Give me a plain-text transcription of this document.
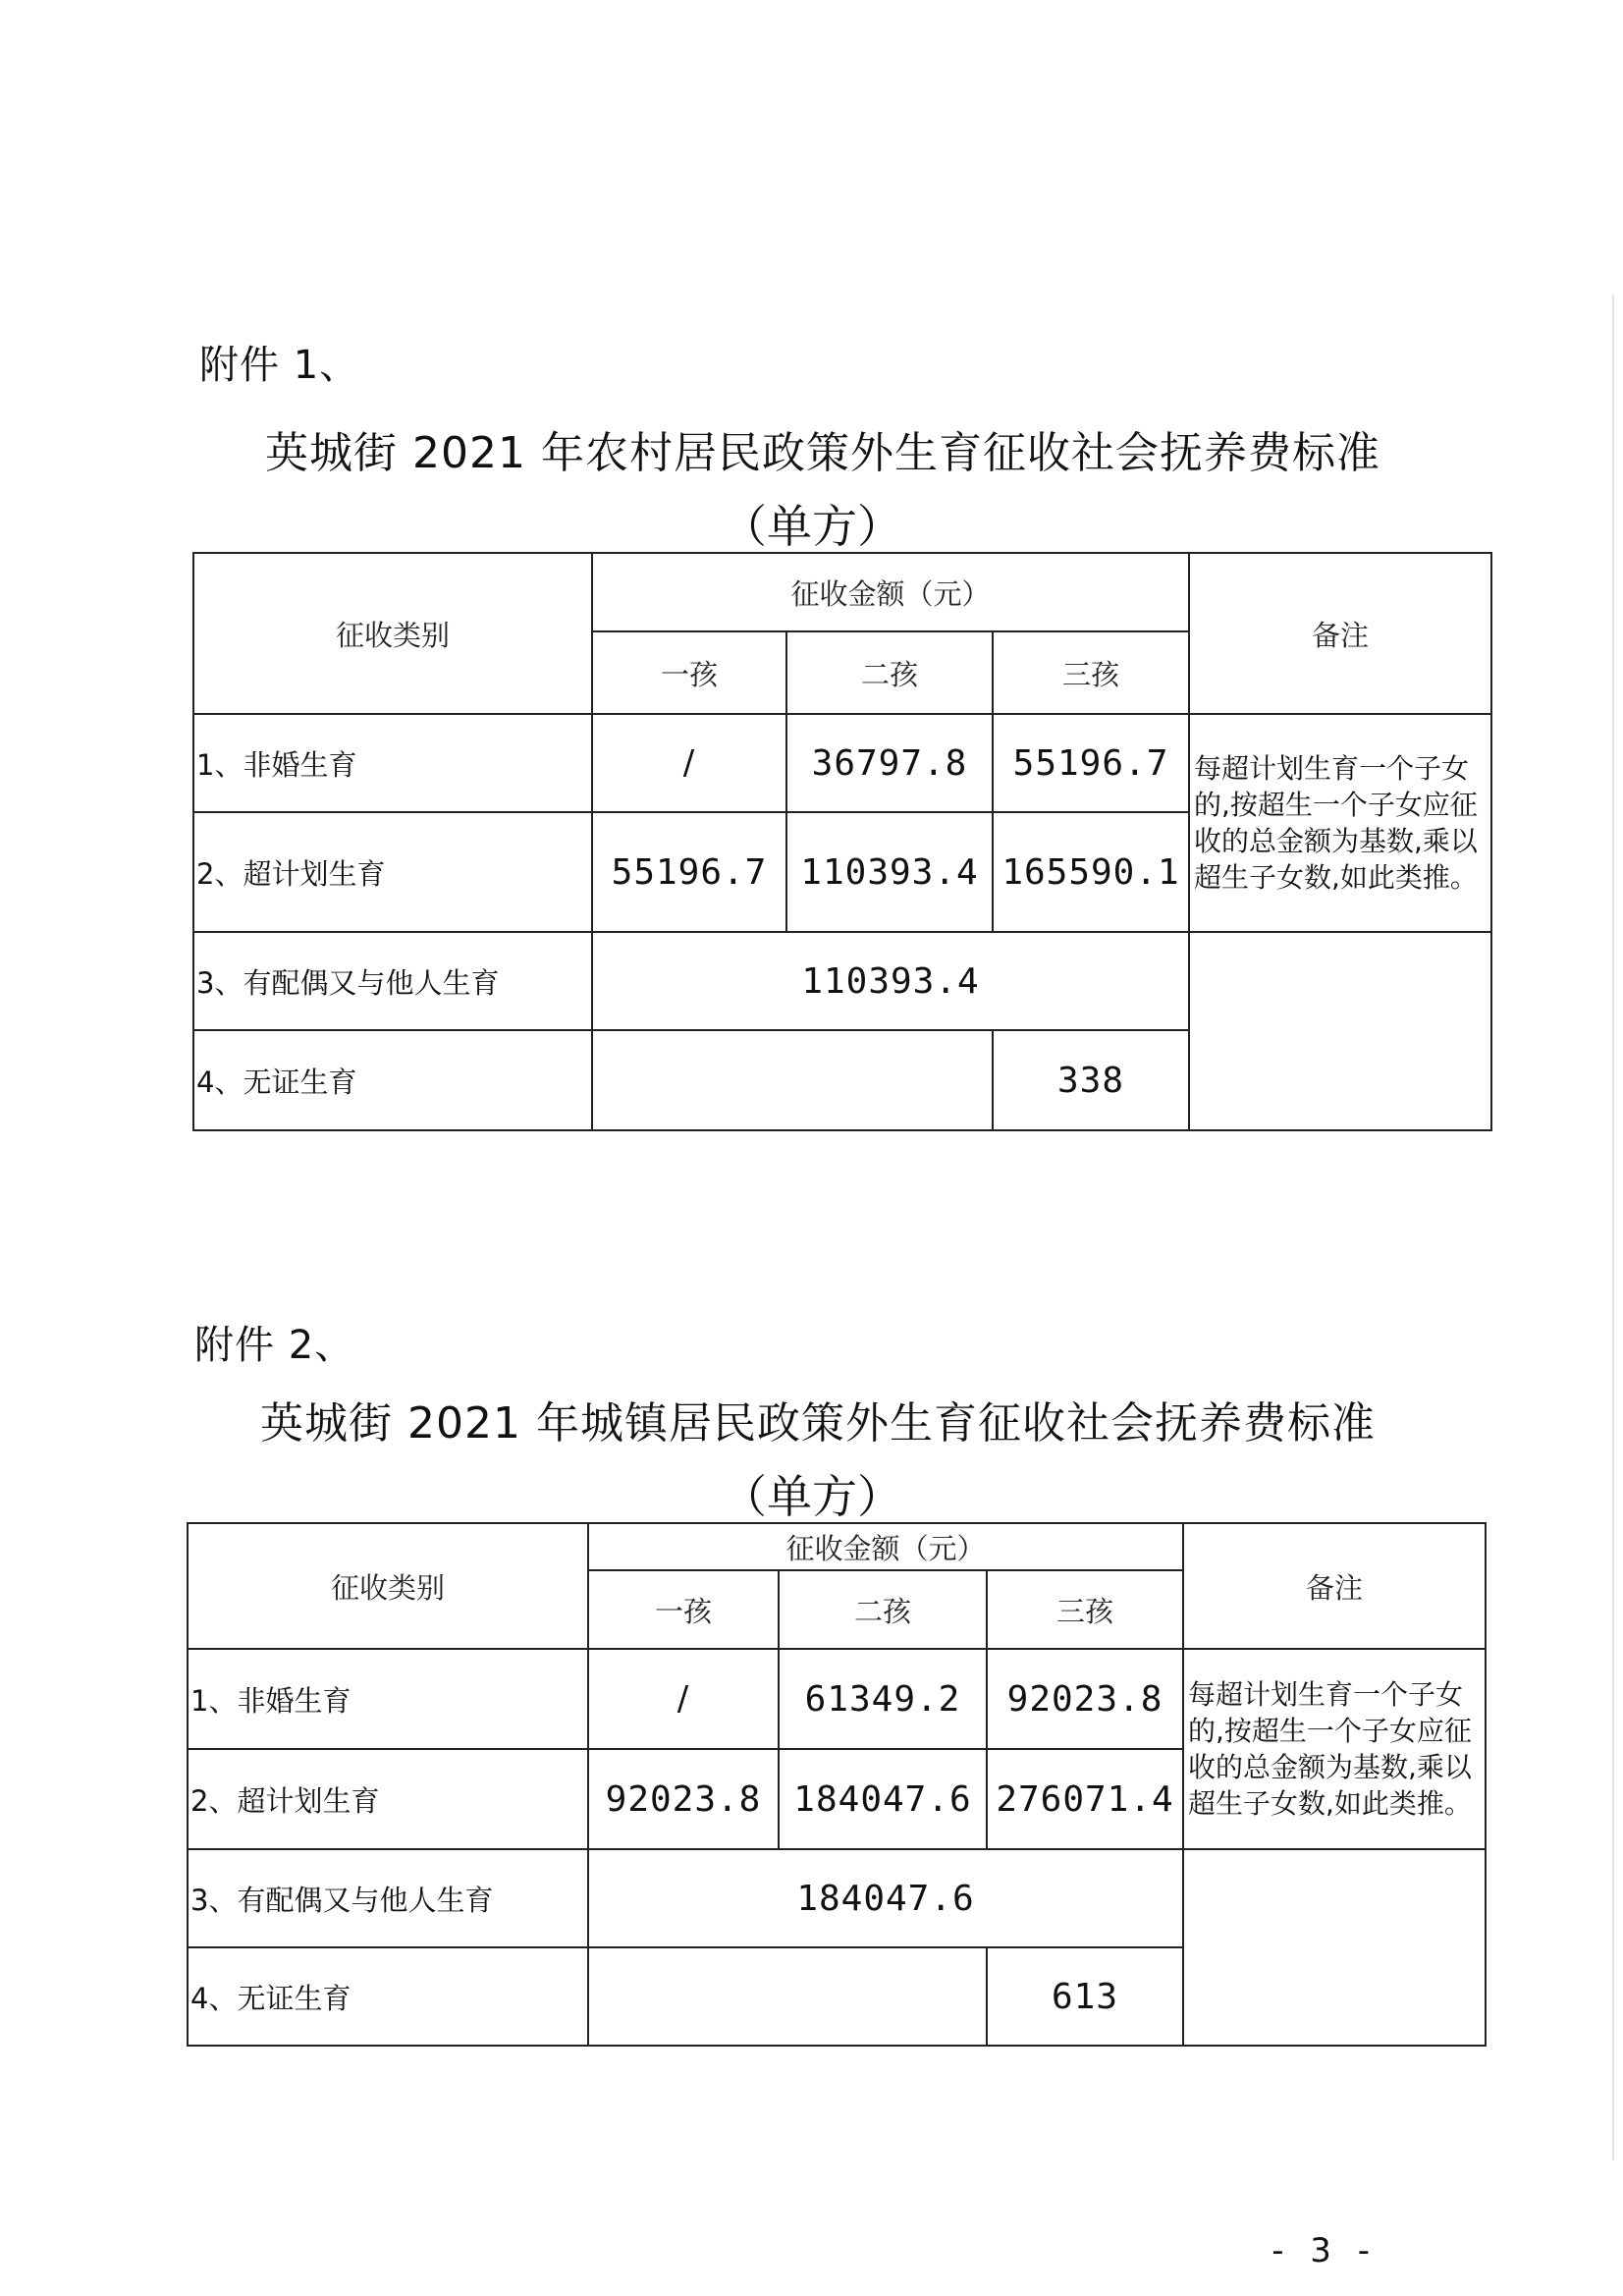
附件 1、
英城街 2021 年农村居民政策外生育征收社会抚养费标准
（单方）
征收类别	征收金额（元）			备注
	一孩	二孩	三孩	
1、非婚生育	/	36797.8	55196.7	每超计划生育一个子女的,按超生一个子女应征收的总金额为基数,乘以超生子女数,如此类推。
2、超计划生育	55196.7	110393.4	165590.1	
3、有配偶又与他人生育	110393.4			
4、无证生育			338	
附件 2、
英城街 2021 年城镇居民政策外生育征收社会抚养费标准
（单方）
征收类别	征收金额（元）			备注
	一孩	二孩	三孩	
1、非婚生育	/	61349.2	92023.8	每超计划生育一个子女的,按超生一个子女应征收的总金额为基数,乘以超生子女数,如此类推。
2、超计划生育	92023.8	184047.6	276071.4	
3、有配偶又与他人生育	184047.6			
4、无证生育			613	
- 3 -
